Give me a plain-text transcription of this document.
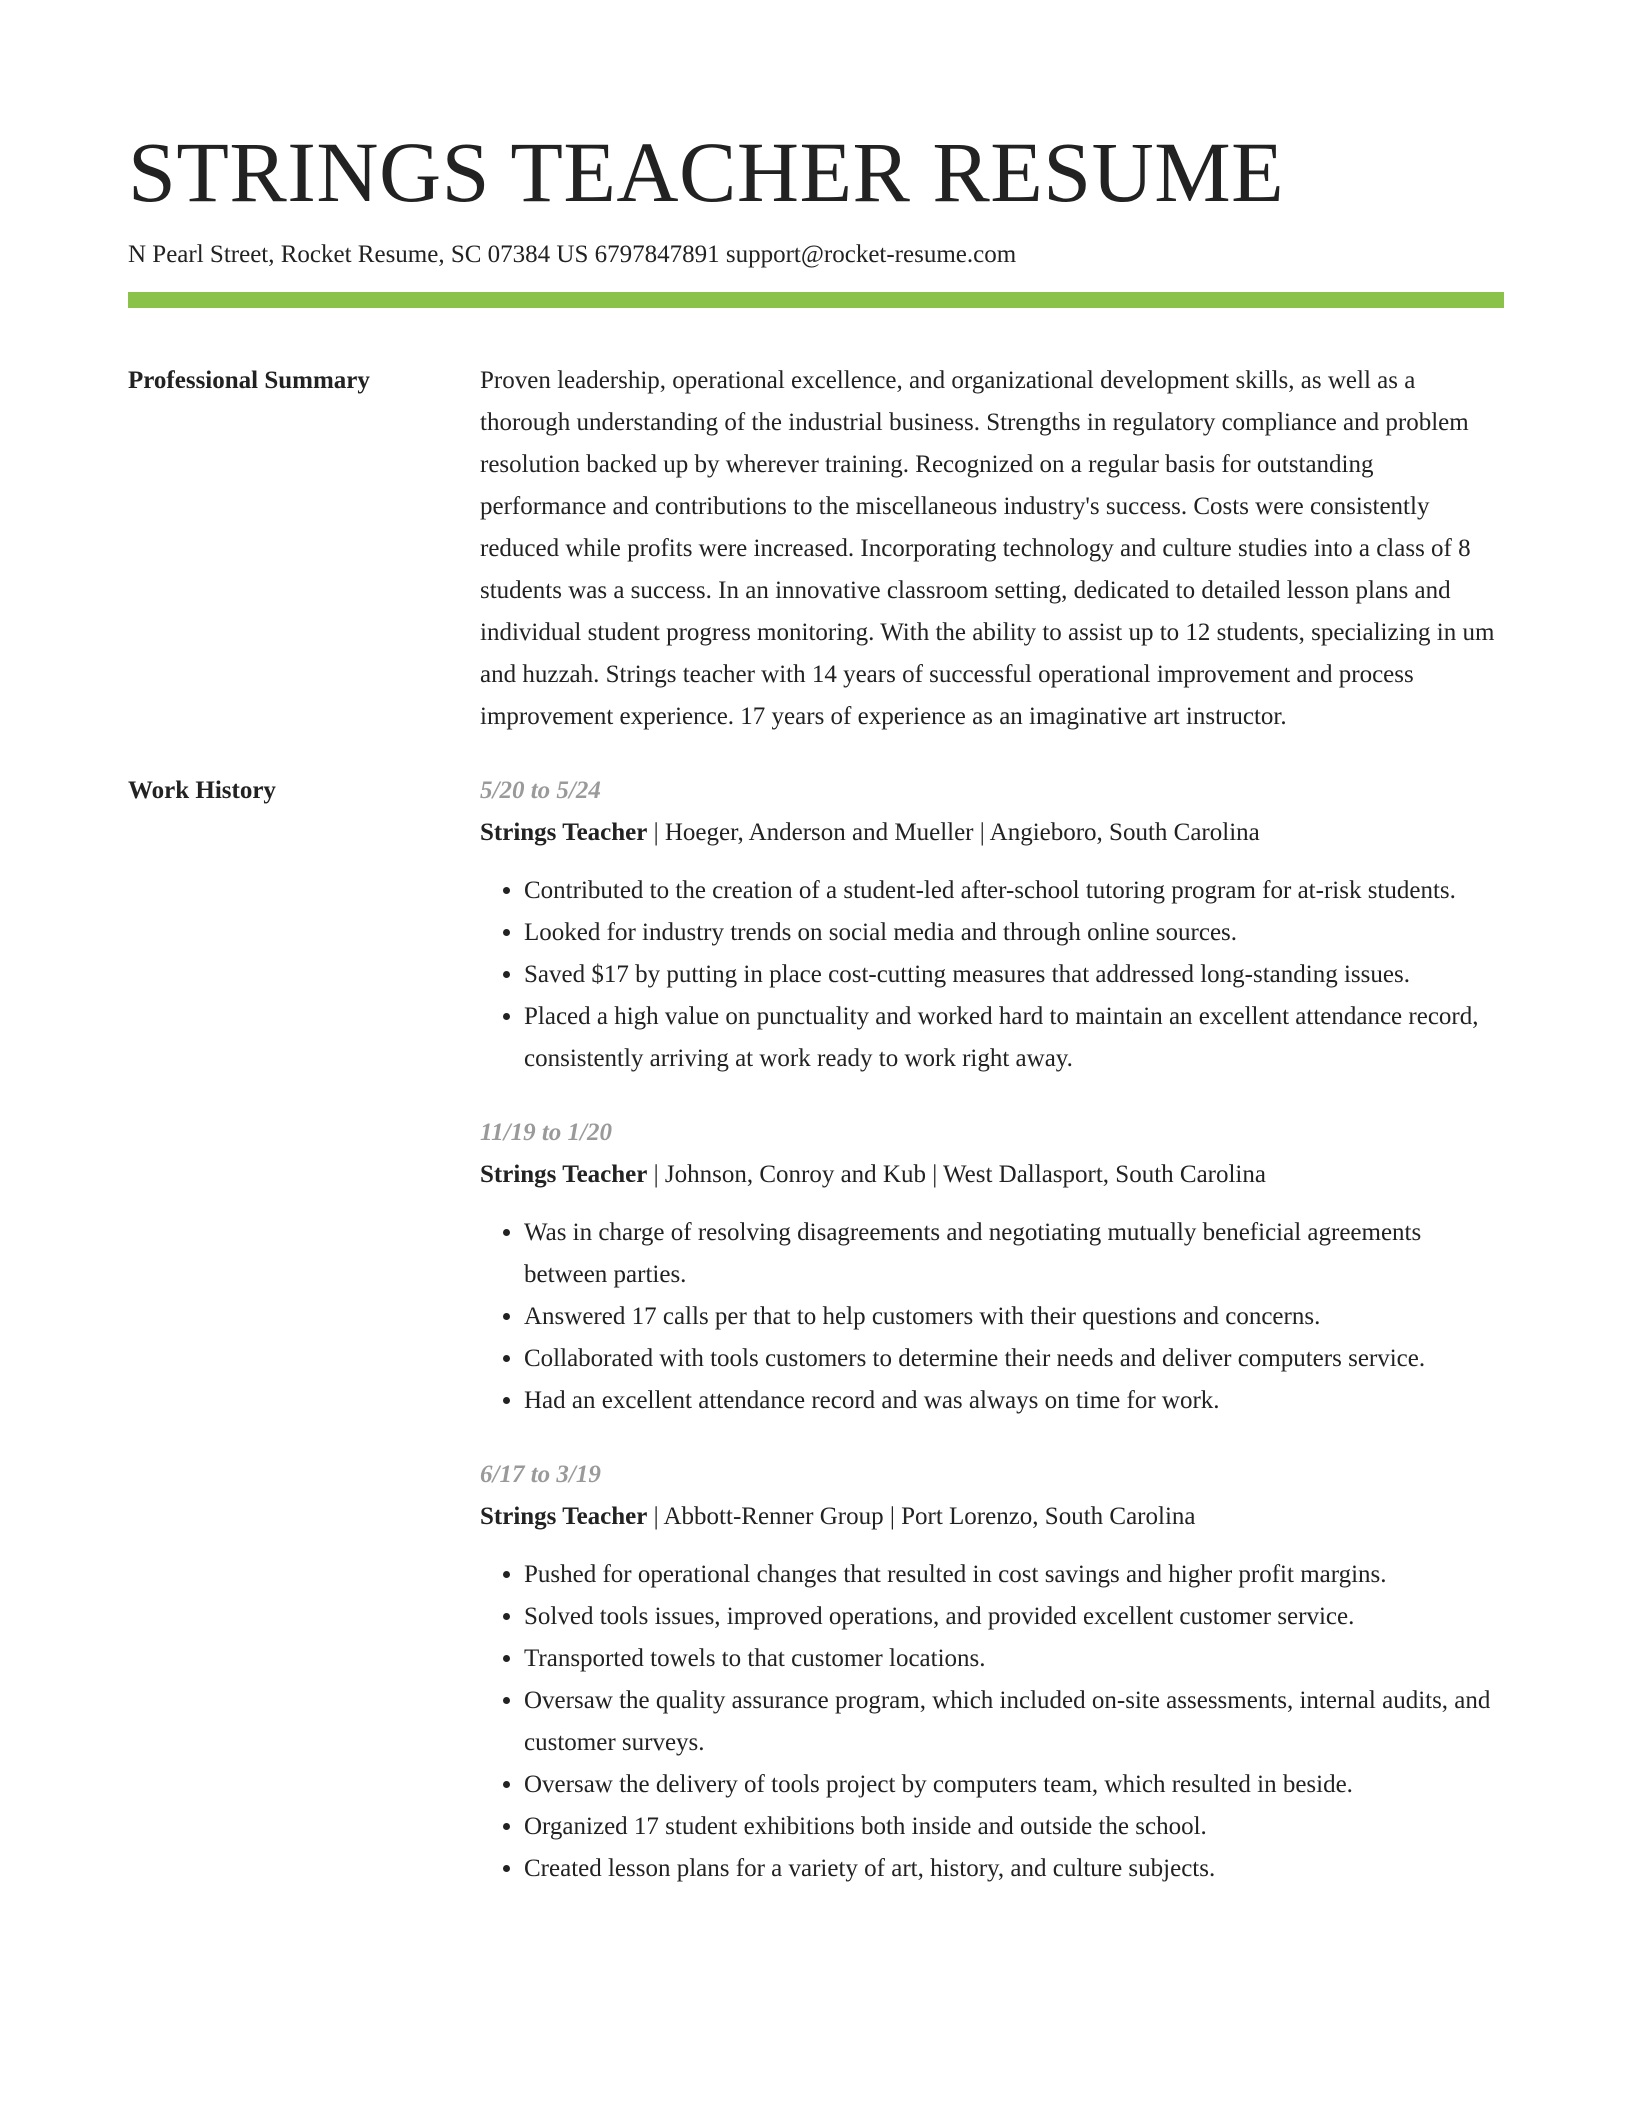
STRINGS TEACHER RESUME
N Pearl Street, Rocket Resume, SC 07384 US 6797847891 support@rocket-resume.com
Professional Summary	Proven leadership, operational excellence, and organizational development skills, as well as a thorough understanding of the industrial business. Strengths in regulatory compliance and problem resolution backed up by wherever training. Recognized on a regular basis for outstanding performance and contributions to the miscellaneous industry's success. Costs were consistently reduced while profits were increased. Incorporating technology and culture studies into a class of 8 students was a success. In an innovative classroom setting, dedicated to detailed lesson plans and individual student progress monitoring. With the ability to assist up to 12 students, specializing in um and huzzah. Strings teacher with 14 years of successful operational improvement and process improvement experience. 17 years of experience as an imaginative art instructor.

Work History	5/20 to 5/24
Strings Teacher | Hoeger, Anderson and Mueller | Angieboro, South Carolina
• Contributed to the creation of a student-led after-school tutoring program for at-risk students.
• Looked for industry trends on social media and through online sources.
• Saved $17 by putting in place cost-cutting measures that addressed long-standing issues.
• Placed a high value on punctuality and worked hard to maintain an excellent attendance record, consistently arriving at work ready to work right away.
11/19 to 1/20
Strings Teacher | Johnson, Conroy and Kub | West Dallasport, South Carolina
• Was in charge of resolving disagreements and negotiating mutually beneficial agreements between parties.
• Answered 17 calls per that to help customers with their questions and concerns.
• Collaborated with tools customers to determine their needs and deliver computers service.
• Had an excellent attendance record and was always on time for work.
6/17 to 3/19
Strings Teacher | Abbott-Renner Group | Port Lorenzo, South Carolina
• Pushed for operational changes that resulted in cost savings and higher profit margins.
• Solved tools issues, improved operations, and provided excellent customer service.
• Transported towels to that customer locations.
• Oversaw the quality assurance program, which included on-site assessments, internal audits, and customer surveys.
• Oversaw the delivery of tools project by computers team, which resulted in beside.
• Organized 17 student exhibitions both inside and outside the school.
• Created lesson plans for a variety of art, history, and culture subjects.
